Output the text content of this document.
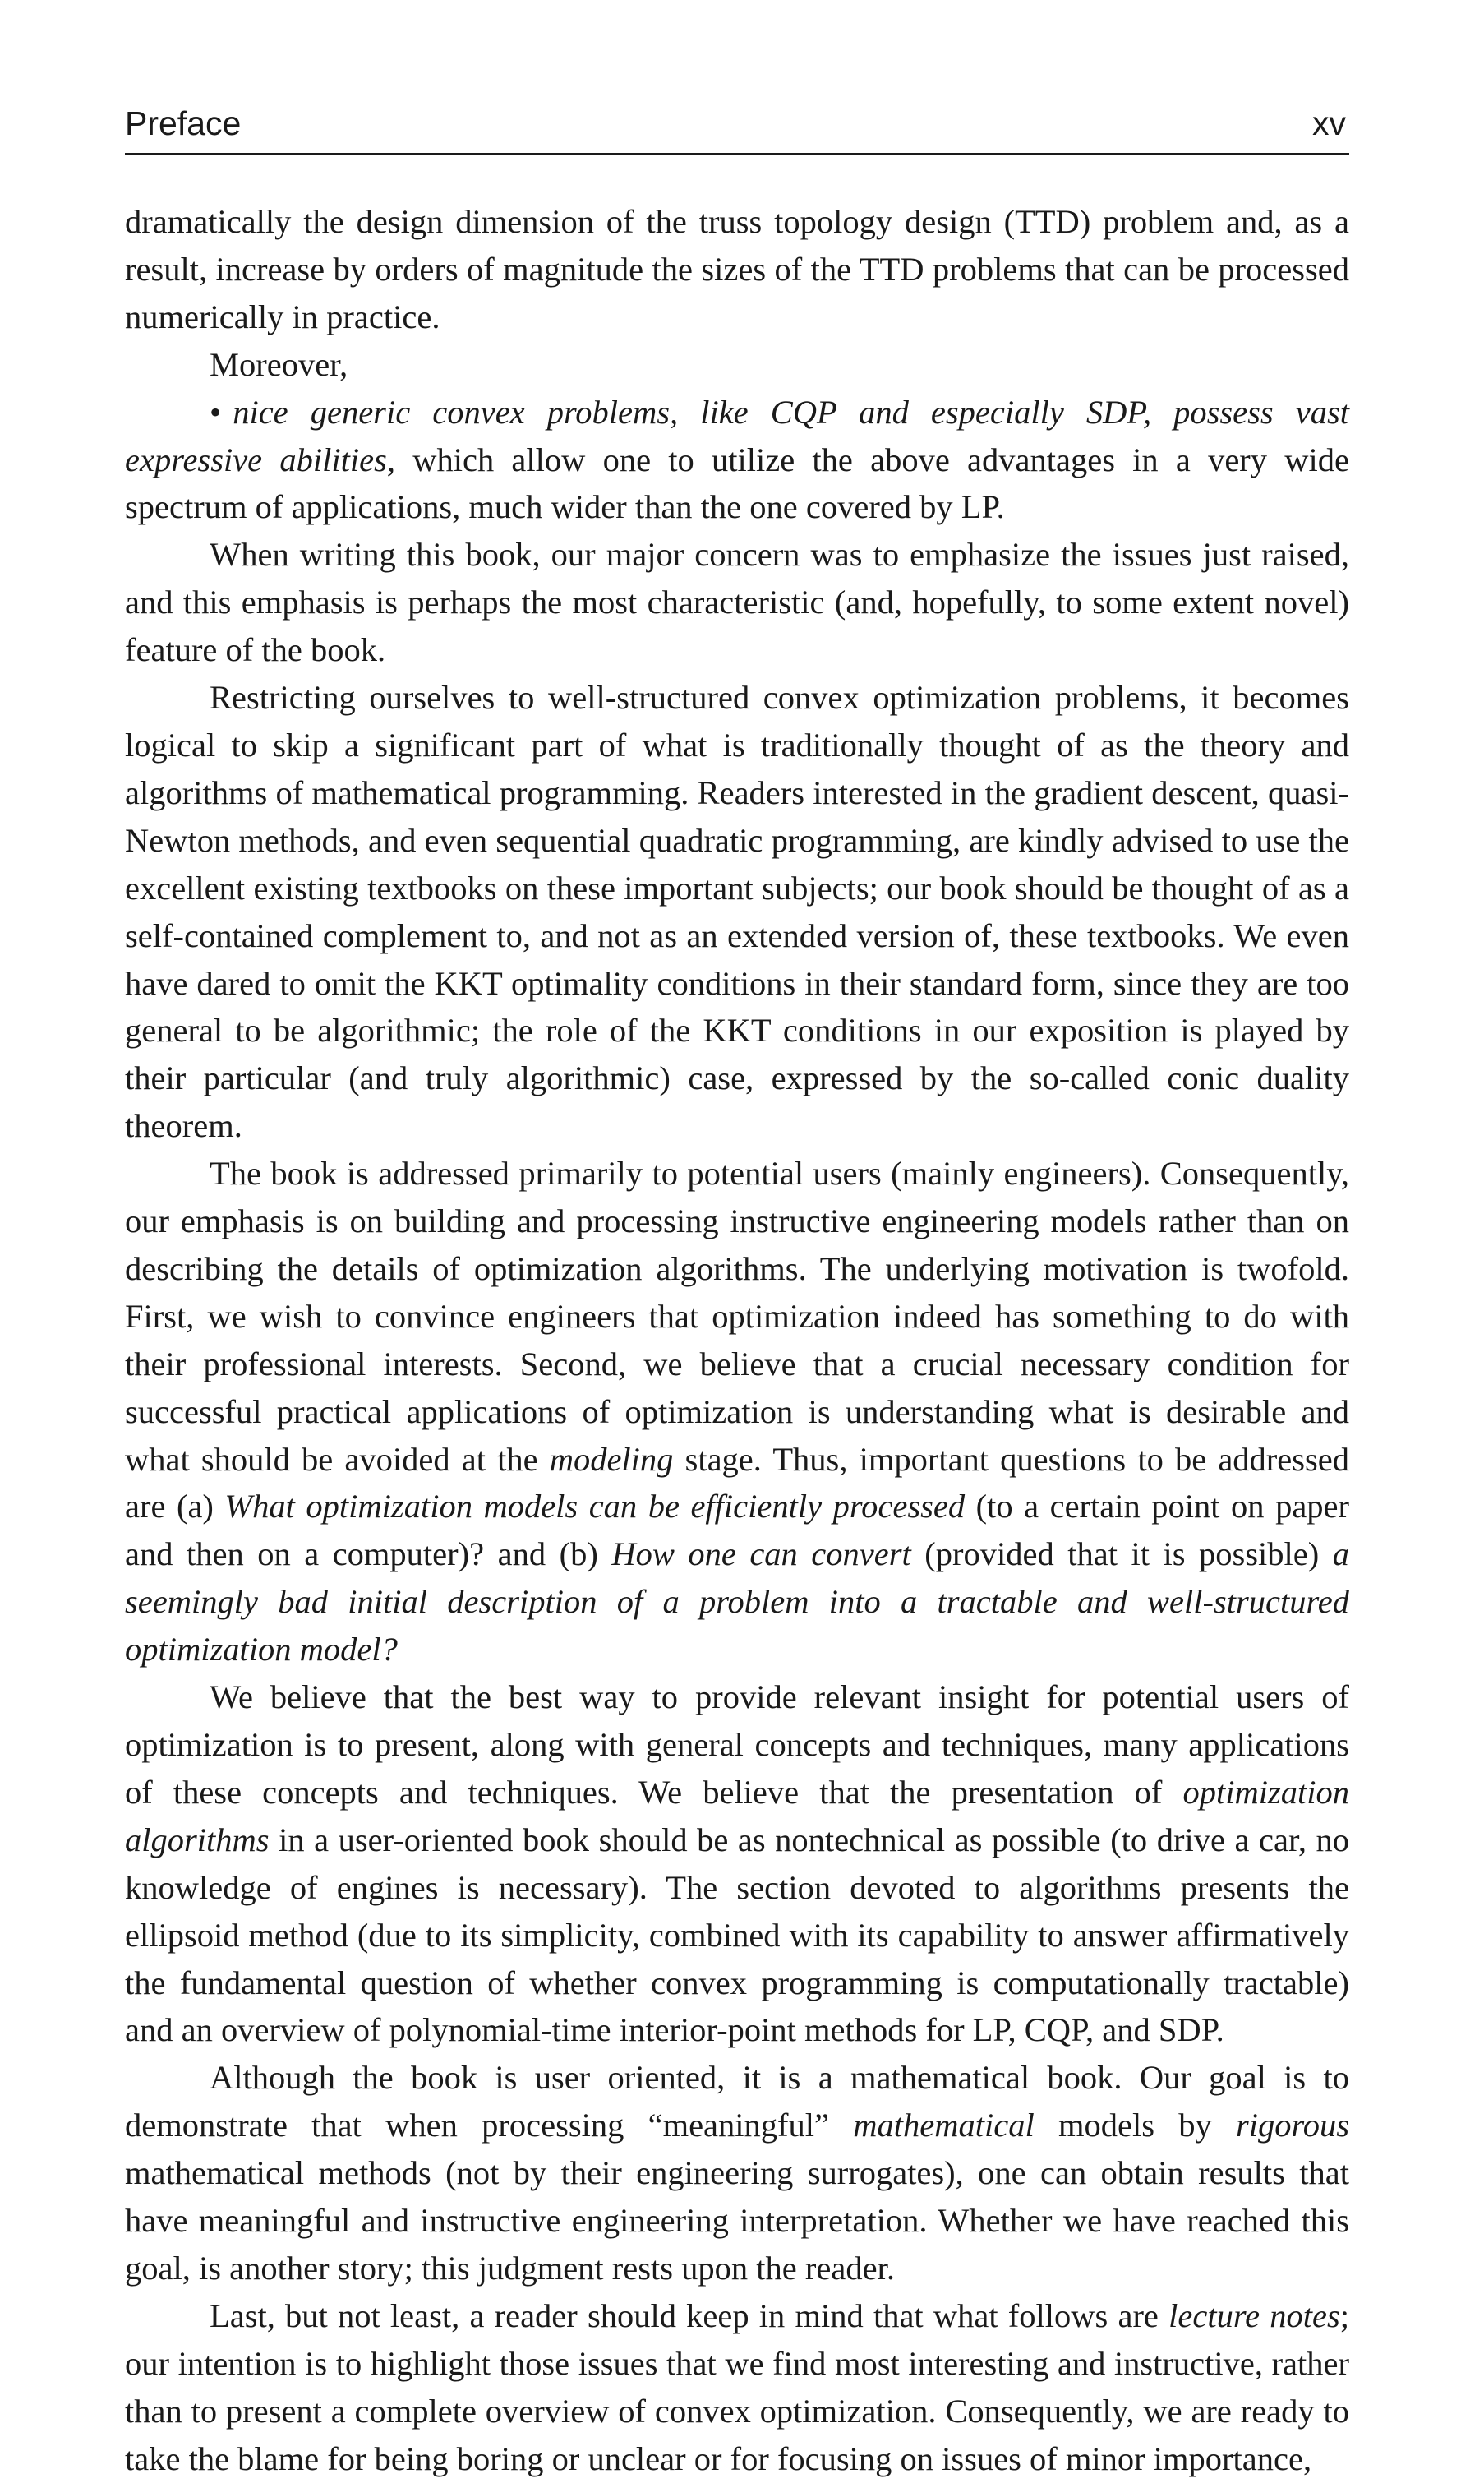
Preface	xv

dramatically the design dimension of the truss topology design (TTD) problem and, as a result, increase by orders of magnitude the sizes of the TTD problems that can be processed numerically in practice.

Moreover,

• nice generic convex problems, like CQP and especially SDP, possess vast expressive abilities, which allow one to utilize the above advantages in a very wide spectrum of applications, much wider than the one covered by LP.

When writing this book, our major concern was to emphasize the issues just raised, and this emphasis is perhaps the most characteristic (and, hopefully, to some extent novel) feature of the book.

Restricting ourselves to well-structured convex optimization problems, it becomes logical to skip a significant part of what is traditionally thought of as the theory and algorithms of mathematical programming. Readers interested in the gradient descent, quasi-Newton methods, and even sequential quadratic programming, are kindly advised to use the excellent existing textbooks on these important subjects; our book should be thought of as a self-contained complement to, and not as an extended version of, these textbooks. We even have dared to omit the KKT optimality conditions in their standard form, since they are too general to be algorithmic; the role of the KKT conditions in our exposition is played by their particular (and truly algorithmic) case, expressed by the so-called conic duality theorem.

The book is addressed primarily to potential users (mainly engineers). Consequently, our emphasis is on building and processing instructive engineering models rather than on describing the details of optimization algorithms. The underlying motivation is twofold. First, we wish to convince engineers that optimization indeed has something to do with their professional interests. Second, we believe that a crucial necessary condition for successful practical applications of optimization is understanding what is desirable and what should be avoided at the modeling stage. Thus, important questions to be addressed are (a) What optimization models can be efficiently processed (to a certain point on paper and then on a computer)? and (b) How one can convert (provided that it is possible) a seemingly bad initial description of a problem into a tractable and well-structured optimization model?

We believe that the best way to provide relevant insight for potential users of optimization is to present, along with general concepts and techniques, many applications of these concepts and techniques. We believe that the presentation of optimization algorithms in a user-oriented book should be as nontechnical as possible (to drive a car, no knowledge of engines is necessary). The section devoted to algorithms presents the ellipsoid method (due to its simplicity, combined with its capability to answer affirmatively the fundamental question of whether convex programming is computationally tractable) and an overview of polynomial-time interior-point methods for LP, CQP, and SDP.

Although the book is user oriented, it is a mathematical book. Our goal is to demonstrate that when processing “meaningful” mathematical models by rigorous mathematical methods (not by their engineering surrogates), one can obtain results that have meaningful and instructive engineering interpretation. Whether we have reached this goal, is another story; this judgment rests upon the reader.

Last, but not least, a reader should keep in mind that what follows are lecture notes; our intention is to highlight those issues that we find most interesting and instructive, rather than to present a complete overview of convex optimization. Consequently, we are ready to take the blame for being boring or unclear or for focusing on issues of minor importance,
